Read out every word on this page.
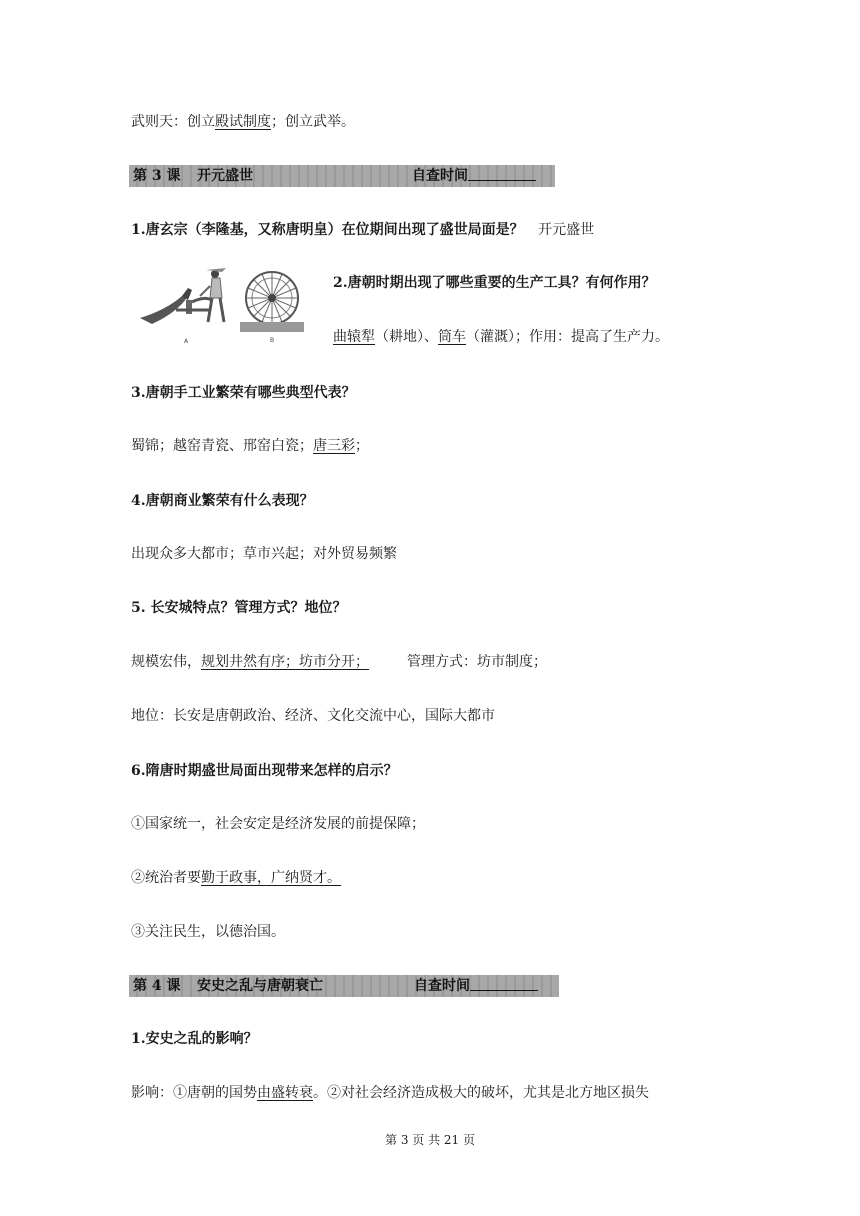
武则天：创立殿试制度；创立武举。
第 3 课 开元盛世	自查时间
1.唐玄宗（李隆基，又称唐明皇）在位期间出现了盛世局面是？ 开元盛世
A	B
2.唐朝时期出现了哪些重要的生产工具？有何作用？
曲辕犁（耕地）、筒车（灌溉）；作用：提高了生产力。
3.唐朝手工业繁荣有哪些典型代表？
蜀锦；越窑青瓷、邢窑白瓷；唐三彩；
4.唐朝商业繁荣有什么表现？
出现众多大都市；草市兴起；对外贸易频繁
5. 长安城特点？管理方式？地位？
规模宏伟，规划井然有序；坊市分开；	管理方式：坊市制度；
地位：长安是唐朝政治、经济、文化交流中心，国际大都市
6.隋唐时期盛世局面出现带来怎样的启示？
①国家统一，社会安定是经济发展的前提保障；
②统治者要勤于政事，广纳贤才。
③关注民生，以德治国。
第 4 课 安史之乱与唐朝衰亡	自查时间
1.安史之乱的影响？
影响：①唐朝的国势由盛转衰。②对社会经济造成极大的破坏，尤其是北方地区损失
第 3 页 共 21 页
